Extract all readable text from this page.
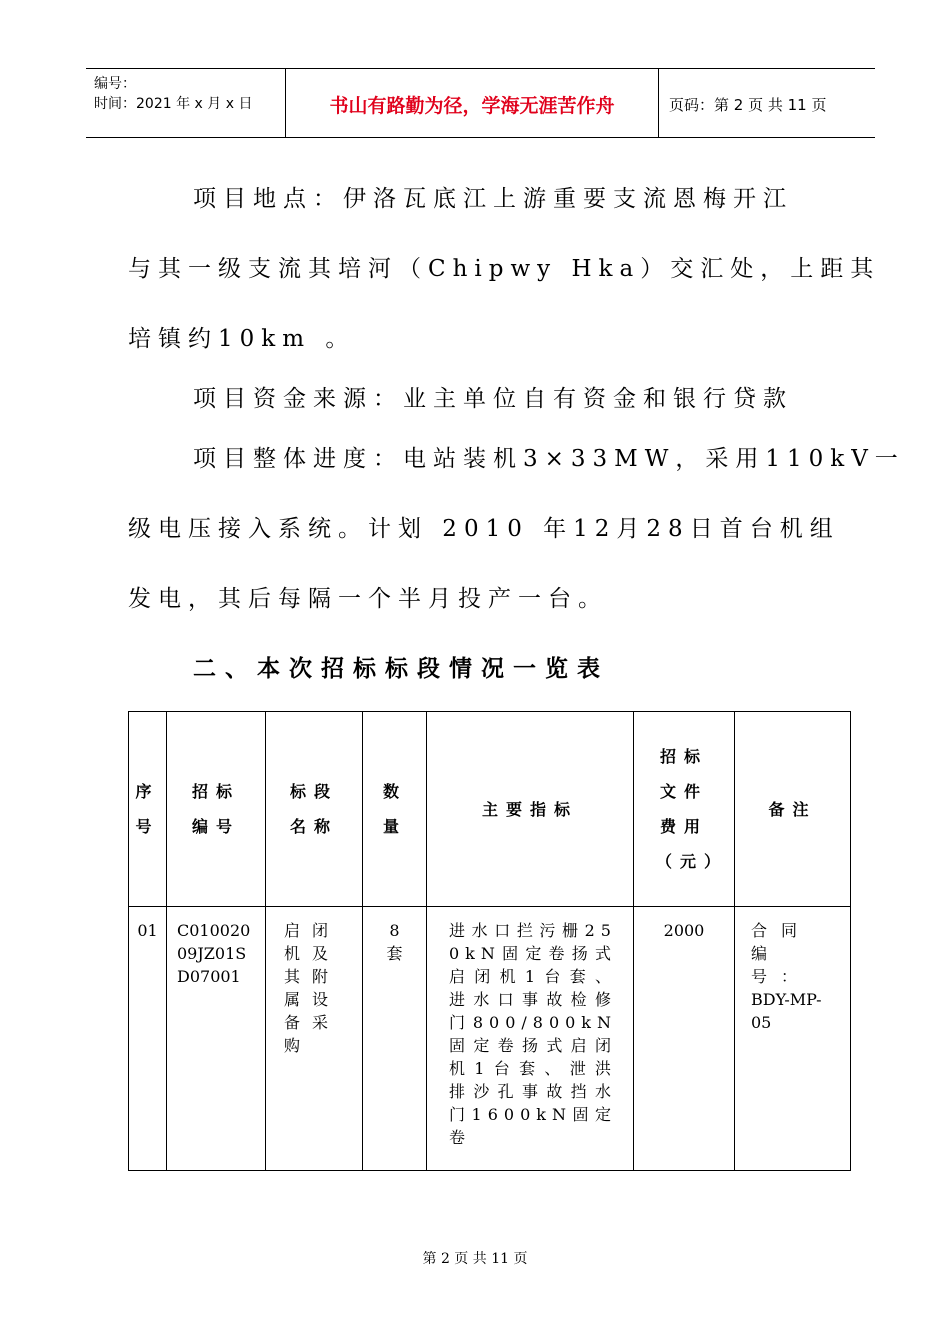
编号：
时间：2021 年 x 月 x 日	书山有路勤为径，学海无涯苦作舟	页码：第 2 页 共 11 页
项目地点：伊洛瓦底江上游重要支流恩梅开江
与其一级支流其培河（Chipwy Hka）交汇处，上距其
培镇约10km 。
项目资金来源：业主单位自有资金和银行贷款
项目整体进度：电站装机3×33MW，采用110kV一
级电压接入系统。计划 2010 年12月28日首台机组
发电，其后每隔一个半月投产一台。
二、本次招标标段情况一览表
序号	招标编号	标段名称	数量	主要指标	招标文件费用（元）	备注
01	C01002009JZ01SD07001	启闭机及其附属设备采购	8套	进水口拦污栅250kN固定卷扬式启闭机1台套、进水口事故检修门800/800kN固定卷扬式启闭机1台套、泄洪排沙孔事故挡水门1600kN固定卷	2000	合同编号：
BDY-MP-05
第 2 页 共 11 页
